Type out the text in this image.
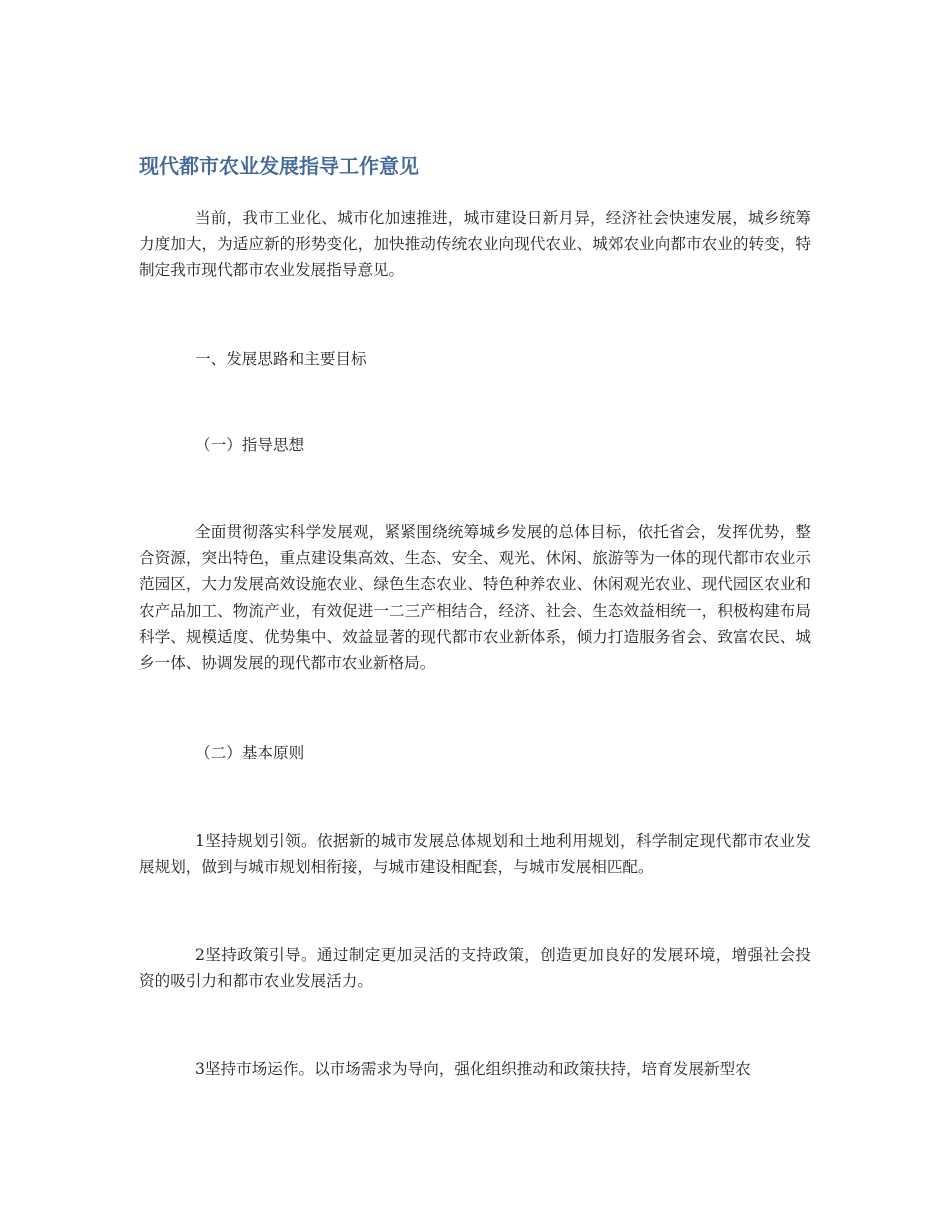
现代都市农业发展指导工作意见

当前，我市工业化、城市化加速推进，城市建设日新月异，经济社会快速发展，城乡统筹力度加大，为适应新的形势变化，加快推动传统农业向现代农业、城郊农业向都市农业的转变，特制定我市现代都市农业发展指导意见。

一、发展思路和主要目标

（一）指导思想

全面贯彻落实科学发展观，紧紧围绕统筹城乡发展的总体目标，依托省会，发挥优势，整合资源，突出特色，重点建设集高效、生态、安全、观光、休闲、旅游等为一体的现代都市农业示范园区，大力发展高效设施农业、绿色生态农业、特色种养农业、休闲观光农业、现代园区农业和农产品加工、物流产业，有效促进一二三产相结合，经济、社会、生态效益相统一，积极构建布局科学、规模适度、优势集中、效益显著的现代都市农业新体系，倾力打造服务省会、致富农民、城乡一体、协调发展的现代都市农业新格局。

（二）基本原则

1坚持规划引领。依据新的城市发展总体规划和土地利用规划，科学制定现代都市农业发展规划，做到与城市规划相衔接，与城市建设相配套，与城市发展相匹配。

2坚持政策引导。通过制定更加灵活的支持政策，创造更加良好的发展环境，增强社会投资的吸引力和都市农业发展活力。

3坚持市场运作。以市场需求为导向，强化组织推动和政策扶持，培育发展新型农
